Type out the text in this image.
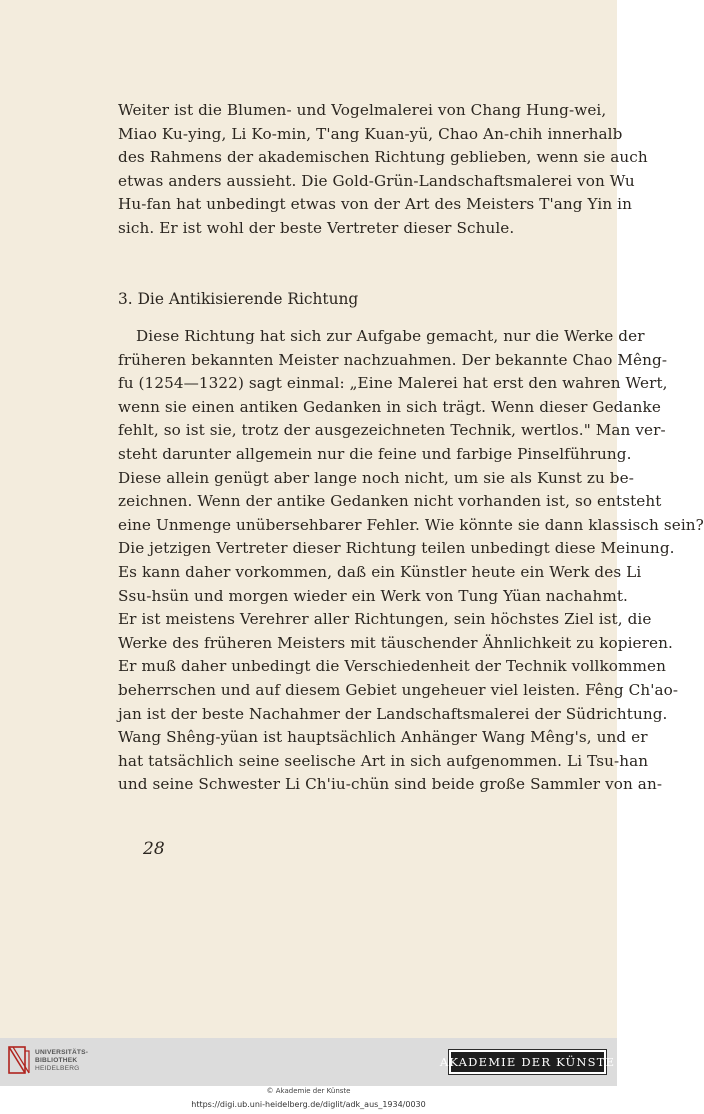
Weiter ist die Blumen- und Vogelmalerei von Chang Hung-wei,
Miao Ku-ying, Li Ko-min, T'ang Kuan-yü, Chao An-chih innerhalb
des Rahmens der akademischen Richtung geblieben, wenn sie auch
etwas anders aussieht. Die Gold-Grün-Landschaftsmalerei von Wu
Hu-fan hat unbedingt etwas von der Art des Meisters T'ang Yin in
sich. Er ist wohl der beste Vertreter dieser Schule.
3. Die Antikisierende Richtung
Diese Richtung hat sich zur Aufgabe gemacht, nur die Werke der
früheren bekannten Meister nachzuahmen. Der bekannte Chao Mêng-
fu (1254—1322) sagt einmal: „Eine Malerei hat erst den wahren Wert,
wenn sie einen antiken Gedanken in sich trägt. Wenn dieser Gedanke
fehlt, so ist sie, trotz der ausgezeichneten Technik, wertlos." Man ver-
steht darunter allgemein nur die feine und farbige Pinselführung.
Diese allein genügt aber lange noch nicht, um sie als Kunst zu be-
zeichnen. Wenn der antike Gedanken nicht vorhanden ist, so entsteht
eine Unmenge unübersehbarer Fehler. Wie könnte sie dann klassisch sein?
Die jetzigen Vertreter dieser Richtung teilen unbedingt diese Meinung.
Es kann daher vorkommen, daß ein Künstler heute ein Werk des Li
Ssu-hsün und morgen wieder ein Werk von Tung Yüan nachahmt.
Er ist meistens Verehrer aller Richtungen, sein höchstes Ziel ist, die
Werke des früheren Meisters mit täuschender Ähnlichkeit zu kopieren.
Er muß daher unbedingt die Verschiedenheit der Technik vollkommen
beherrschen und auf diesem Gebiet ungeheuer viel leisten. Fêng Ch'ao-
jan ist der beste Nachahmer der Landschaftsmalerei der Südrichtung.
Wang Shêng-yüan ist hauptsächlich Anhänger Wang Mêng's, und er
hat tatsächlich seine seelische Art in sich aufgenommen. Li Tsu-han
und seine Schwester Li Ch'iu-chün sind beide große Sammler von an-
28
UNIVERSITÄTS-
BIBLIOTHEK
HEIDELBERG	AKADEMIE DER KÜNSTE
© Akademie der Künste
https://digi.ub.uni-heidelberg.de/diglit/adk_aus_1934/0030
